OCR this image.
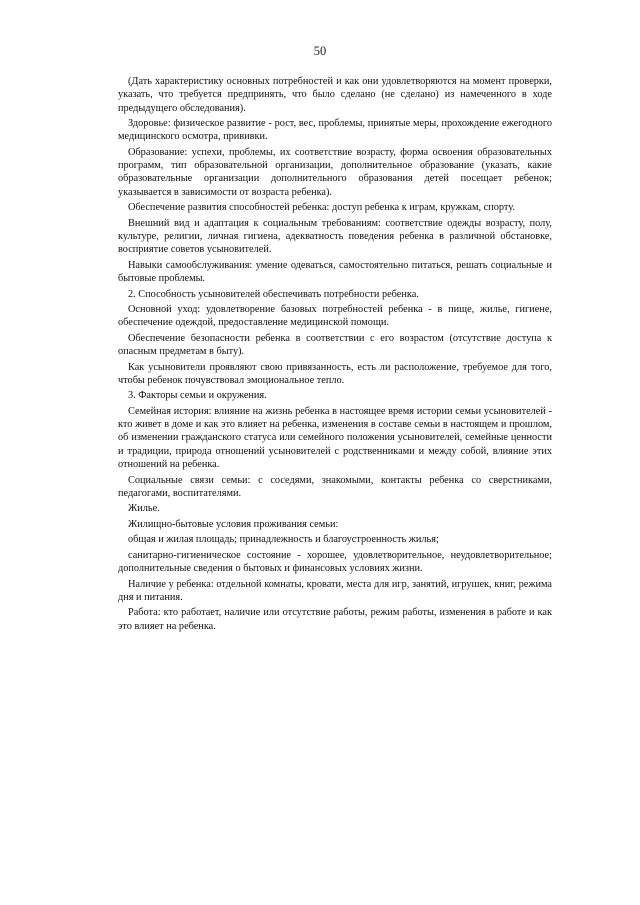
50

(Дать характеристику основных потребностей и как они удовлетворяются на момент проверки, указать, что требуется предпринять, что было сделано (не сделано) из намеченного в ходе предыдущего обследования).

Здоровье: физическое развитие - рост, вес, проблемы, принятые меры, прохождение ежегодного медицинского осмотра, прививки.

Образование: успехи, проблемы, их соответствие возрасту, форма освоения образовательных программ, тип образовательной организации, дополнительное образование (указать, какие образовательные организации дополнительного образования детей посещает ребенок; указывается в зависимости от возраста ребенка).

Обеспечение развития способностей ребенка: доступ ребенка к играм, кружкам, спорту.

Внешний вид и адаптация к социальным требованиям: соответствие одежды возрасту, полу, культуре, религии, личная гигиена, адекватность поведения ребенка в различной обстановке, восприятие советов усыновителей.

Навыки самообслуживания: умение одеваться, самостоятельно питаться, решать социальные и бытовые проблемы.

2. Способность усыновителей обеспечивать потребности ребенка.

Основной уход: удовлетворение базовых потребностей ребенка - в пище, жилье, гигиене, обеспечение одеждой, предоставление медицинской помощи.

Обеспечение безопасности ребенка в соответствии с его возрастом (отсутствие доступа к опасным предметам в быту).

Как усыновители проявляют свою привязанность, есть ли расположение, требуемое для того, чтобы ребенок почувствовал эмоциональное тепло.

3. Факторы семьи и окружения.

Семейная история: влияние на жизнь ребенка в настоящее время истории семьи усыновителей - кто живет в доме и как это влияет на ребенка, изменения в составе семьи в настоящем и прошлом, об изменении гражданского статуса или семейного положения усыновителей, семейные ценности и традиции, природа отношений усыновителей с родственниками и между собой, влияние этих отношений на ребенка.

Социальные связи семьи: с соседями, знакомыми, контакты ребенка со сверстниками, педагогами, воспитателями.

Жилье.

Жилищно-бытовые условия проживания семьи:

общая и жилая площадь; принадлежность и благоустроенность жилья;

санитарно-гигиеническое состояние - хорошее, удовлетворительное, неудовлетворительное; дополнительные сведения о бытовых и финансовых условиях жизни.

Наличие у ребенка: отдельной комнаты, кровати, места для игр, занятий, игрушек, книг, режима дня и питания.

Работа: кто работает, наличие или отсутствие работы, режим работы, изменения в работе и как это влияет на ребенка.
